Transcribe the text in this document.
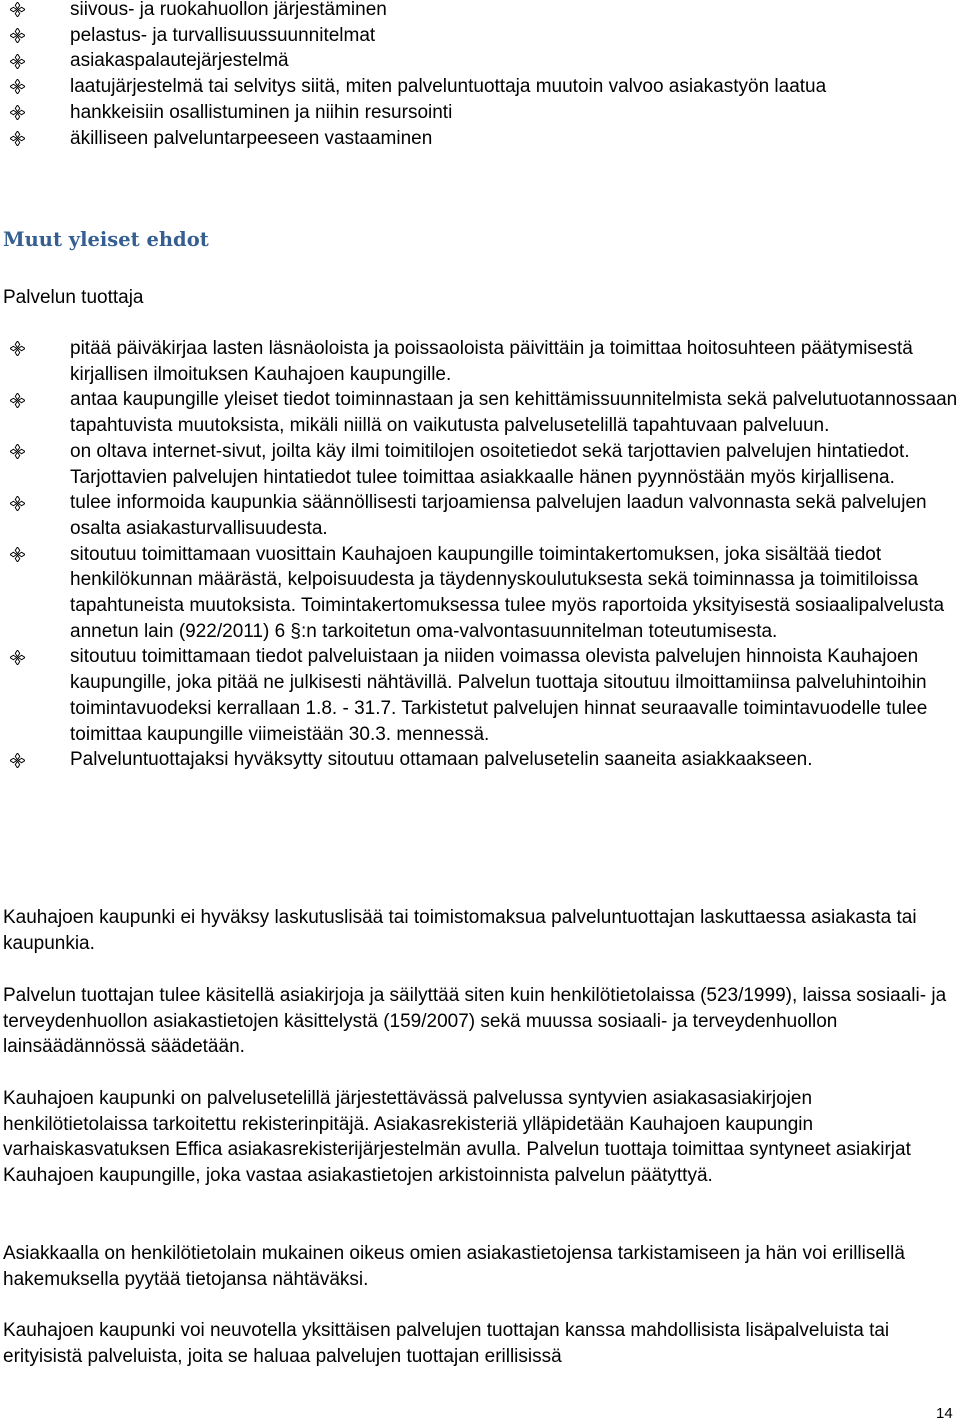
siivous- ja ruokahuollon järjestäminen
pelastus- ja turvallisuussuunnitelmat
asiakaspalautejärjestelmä
laatujärjestelmä tai selvitys siitä, miten palveluntuottaja muutoin valvoo asiakastyön laatua
hankkeisiin osallistuminen ja niihin resursointi
äkilliseen palveluntarpeeseen vastaaminen
Muut yleiset ehdot

Palvelun tuottaja

pitää päiväkirjaa lasten läsnäoloista ja poissaoloista päivittäin ja toimittaa hoitosuhteen päätymisestä kirjallisen ilmoituksen Kauhajoen kaupungille.
antaa kaupungille yleiset tiedot toiminnastaan ja sen kehittämissuunnitelmista sekä palvelutuotannossaan tapahtuvista muutoksista, mikäli niillä on vaikutusta palvelusetelillä tapahtuvaan palveluun.
on oltava internet-sivut, joilta käy ilmi toimitilojen osoitetiedot sekä tarjottavien palvelujen hintatiedot. Tarjottavien palvelujen hintatiedot tulee toimittaa asiakkaalle hänen pyynnöstään myös kirjallisena.
tulee informoida kaupunkia säännöllisesti tarjoamiensa palvelujen laadun valvonnasta sekä palvelujen osalta asiakasturvallisuudesta.
sitoutuu toimittamaan vuosittain Kauhajoen kaupungille toimintakertomuksen, joka sisältää tiedot henkilökunnan määrästä, kelpoisuudesta ja täydennyskoulutuksesta sekä toiminnassa ja toimitiloissa tapahtuneista muutoksista. Toimintakertomuksessa tulee myös raportoida yksityisestä sosiaalipalvelusta annetun lain (922/2011) 6 §:n tarkoitetun oma-valvontasuunnitelman toteutumisesta.
sitoutuu toimittamaan tiedot palveluistaan ja niiden voimassa olevista palvelujen hinnoista Kauhajoen kaupungille, joka pitää ne julkisesti nähtävillä. Palvelun tuottaja sitoutuu ilmoittamiinsa palveluhintoihin toimintavuodeksi kerrallaan 1.8. - 31.7. Tarkistetut palvelujen hinnat seuraavalle toimintavuodelle tulee toimittaa kaupungille viimeistään 30.3. mennessä.
Palveluntuottajaksi hyväksytty sitoutuu ottamaan palvelusetelin saaneita asiakkaakseen.

Kauhajoen kaupunki ei hyväksy laskutuslisää tai toimistomaksua palveluntuottajan laskuttaessa asiakasta tai kaupunkia.

Palvelun tuottajan tulee käsitellä asiakirjoja ja säilyttää siten kuin henkilötietolaissa (523/1999), laissa sosiaali- ja terveydenhuollon asiakastietojen käsittelystä (159/2007) sekä muussa sosiaali- ja terveydenhuollon lainsäädännössä säädetään.

Kauhajoen kaupunki on palvelusetelillä järjestettävässä palvelussa syntyvien asiakasasiakirjojen henkilötietolaissa tarkoitettu rekisterinpitäjä. Asiakasrekisteriä ylläpidetään Kauhajoen kaupungin varhaiskasvatuksen Effica asiakasrekisterijärjestelmän avulla. Palvelun tuottaja toimittaa syntyneet asiakirjat Kauhajoen kaupungille, joka vastaa asiakastietojen arkistoinnista palvelun päätyttyä.

Asiakkaalla on henkilötietolain mukainen oikeus omien asiakastietojensa tarkistamiseen ja hän voi erillisellä hakemuksella pyytää tietojansa nähtäväksi.

Kauhajoen kaupunki voi neuvotella yksittäisen palvelujen tuottajan kanssa mahdollisista lisäpalveluista tai erityisistä palveluista, joita se haluaa palvelujen tuottajan erillisissä

14
